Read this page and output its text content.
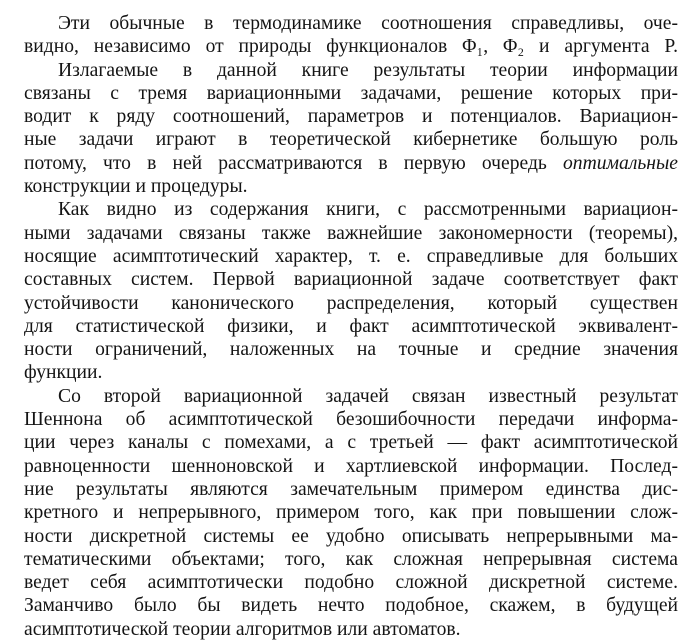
Эти обычные в термодинамике соотношения справедливы, оче-
видно, независимо от природы функционалов Φ₁, Φ₂ и аргумента P.
Излагаемые в данной книге результаты теории информации
связаны с тремя вариационными задачами, решение которых при-
водит к ряду соотношений, параметров и потенциалов. Вариацион-
ные задачи играют в теоретической кибернетике большую роль
потому, что в ней рассматриваются в первую очередь оптимальные
конструкции и процедуры.
Как видно из содержания книги, с рассмотренными вариацион-
ными задачами связаны также важнейшие закономерности (теоремы),
носящие асимптотический характер, т. е. справедливые для больших
составных систем. Первой вариационной задаче соответствует факт
устойчивости канонического распределения, который существен
для статистической физики, и факт асимптотической эквивалент-
ности ограничений, наложенных на точные и средние значения
функции.
Со второй вариационной задачей связан известный результат
Шеннона об асимптотической безошибочности передачи информа-
ции через каналы с помехами, а с третьей — факт асимптотической
равноценности шенноновской и хартлиевской информации. Послед-
ние результаты являются замечательным примером единства дис-
кретного и непрерывного, примером того, как при повышении слож-
ности дискретной системы ее удобно описывать непрерывными ма-
тематическими объектами; того, как сложная непрерывная система
ведет себя асимптотически подобно сложной дискретной системе.
Заманчиво было бы видеть нечто подобное, скажем, в будущей
асимптотической теории алгоритмов или автоматов.
